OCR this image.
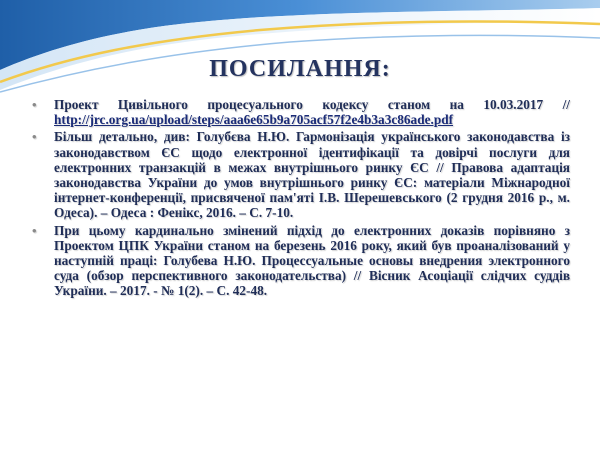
ПОСИЛАННЯ:
• Проект Цивільного процесуального кодексу станом на 10.03.2017 // http://jrc.org.ua/upload/steps/aaa6e65b9a705acf57f2e4b3a3c86ade.pdf
• Більш детально, див: Голубєва Н.Ю. Гармонізація українського законодавства із законодавством ЄС щодо електронної ідентифікації та довірчі послуги для електронних транзакцій в межах внутрішнього ринку ЄС // Правова адаптація законодавства України до умов внутрішнього ринку ЄС: матеріали Міжнародної інтернет-конференції, присвяченої пам'яті І.В. Шерешевського (2 грудня 2016 р., м. Одеса). – Одеса : Фенікс, 2016. – С. 7-10.
• При цьому кардинально змінений підхід до електронних доказів порівняно з Проектом ЦПК України станом на березень 2016 року, який був проаналізований у наступній праці: Голубева Н.Ю. Процессуальные основы внедрения электронного суда (обзор перспективного законодательства) // Вісник Асоціації слідчих суддів України. – 2017. - № 1(2). – С. 42-48.
